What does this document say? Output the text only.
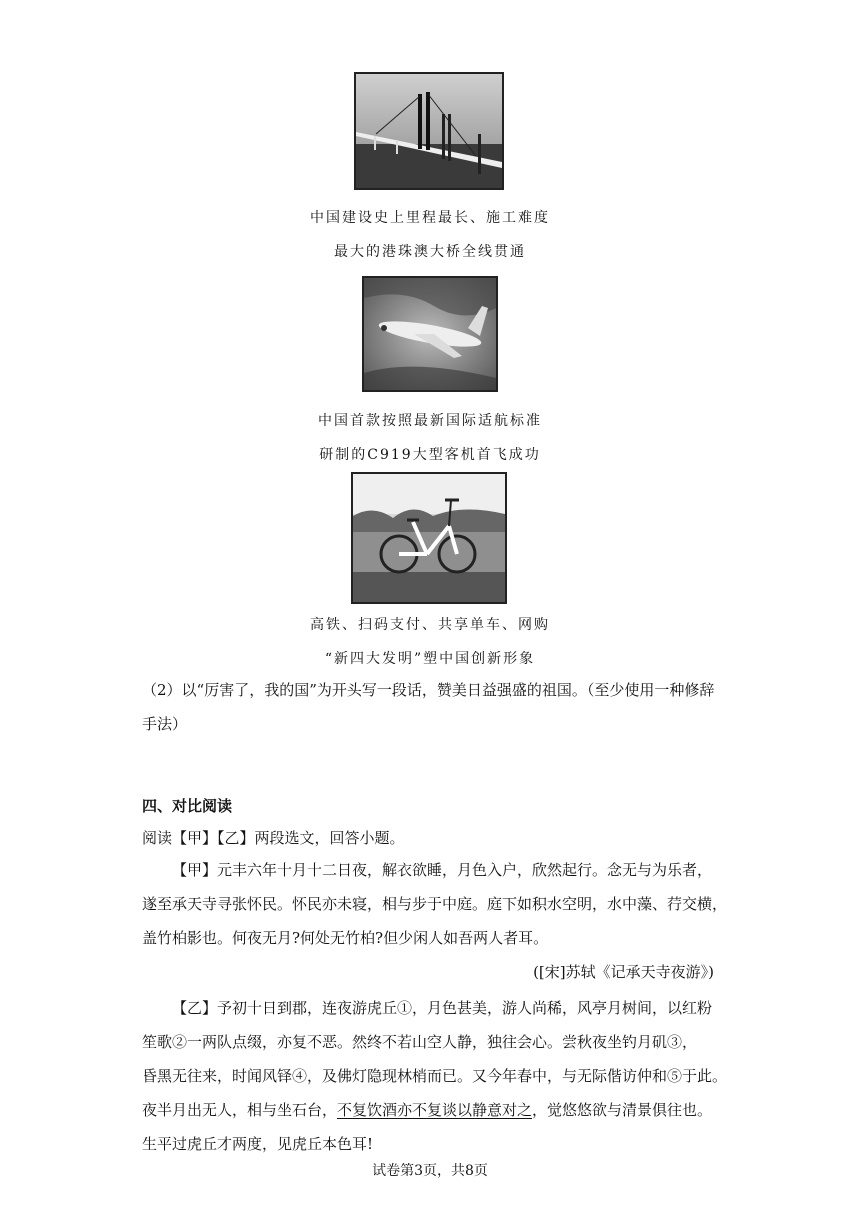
中国建设史上里程最长、施工难度
最大的港珠澳大桥全线贯通
中国首款按照最新国际适航标准
研制的C919大型客机首飞成功
高铁、扫码支付、共享单车、网购
“新四大发明”塑中国创新形象
（2）以“厉害了，我的国”为开头写一段话，赞美日益强盛的祖国。（至少使用一种修辞
手法）
四、对比阅读
阅读【甲】【乙】两段选文，回答小题。
【甲】元丰六年十月十二日夜，解衣欲睡，月色入户，欣然起行。念无与为乐者，
遂至承天寺寻张怀民。怀民亦未寝，相与步于中庭。庭下如积水空明，水中藻、荇交横，
盖竹柏影也。何夜无月?何处无竹柏?但少闲人如吾两人者耳。
([宋]苏轼《记承天寺夜游》)
【乙】予初十日到郡，连夜游虎丘①，月色甚美，游人尚稀，风亭月树间，以红粉
笙歌②一两队点缀，亦复不恶。然终不若山空人静，独往会心。尝秋夜坐钓月矶③，
昏黑无往来，时闻风铎④，及佛灯隐现林梢而已。又今年春中，与无际偕访仲和⑤于此。
夜半月出无人，相与坐石台，不复饮酒亦不复谈以静意对之，觉悠悠欲与清景俱往也。
生平过虎丘才两度，见虎丘本色耳!
试卷第3页，共8页
